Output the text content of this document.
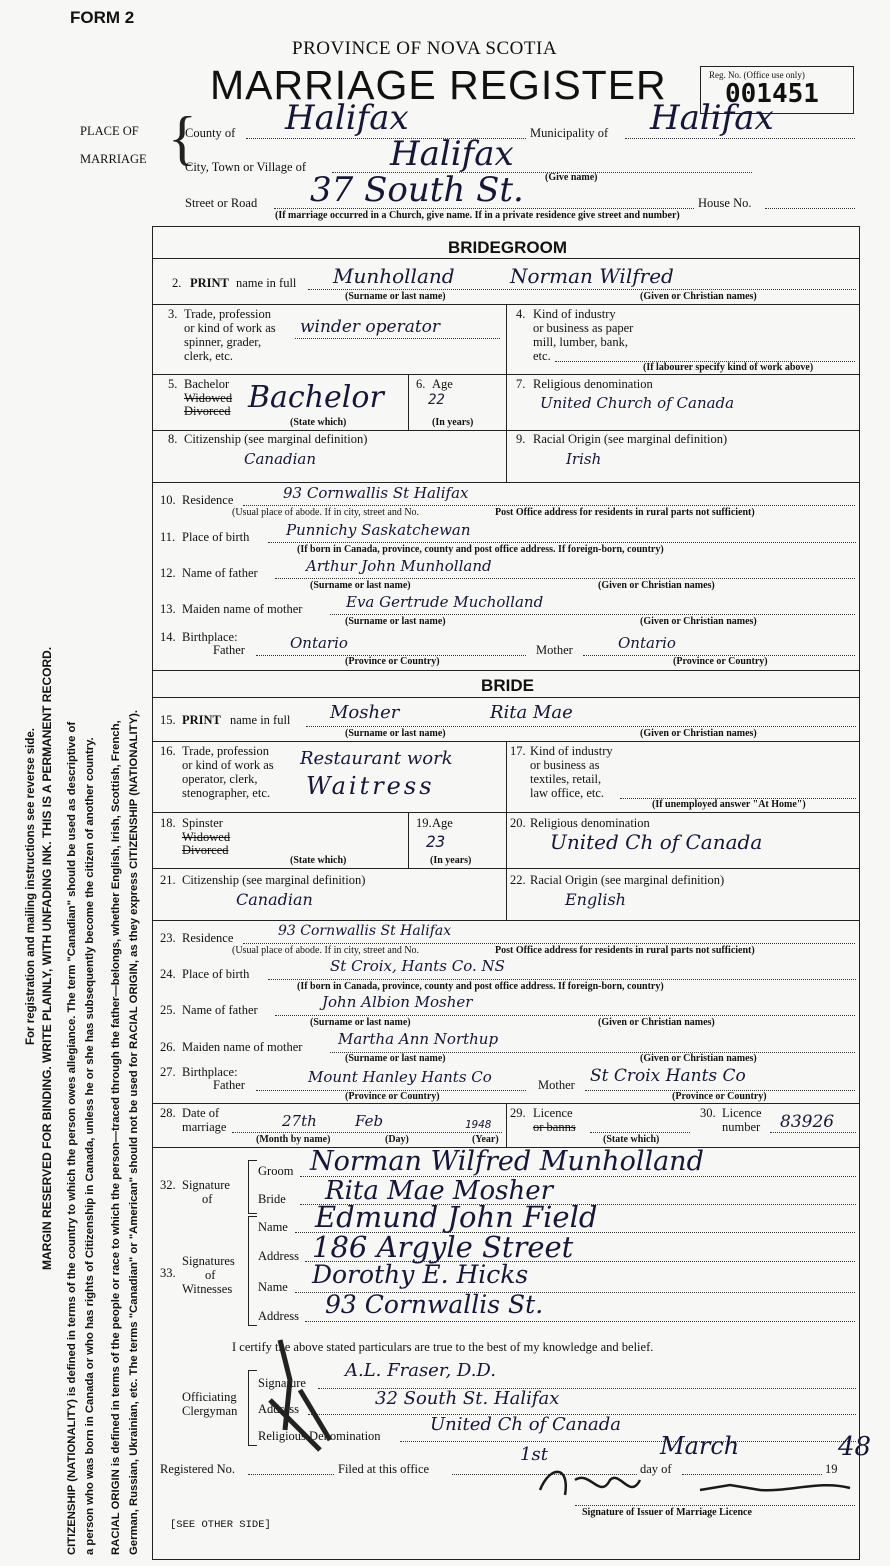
For registration and mailing instructions see reverse side. MARGIN RESERVED FOR BINDING. WRITE PLAINLY, WITH UNFADING INK. THIS IS A PERMANENT RECORD. CITIZENSHIP (NATIONALITY) is defined in terms of the country to which the person owes allegiance. The term "Canadian" should be used as descriptive of a person who was born in Canada or who has rights of Citizenship in Canada, unless he or she has subsequently become the citizen of another country. RACIAL ORIGIN is defined in terms of the people or race to which the person—traced through the father—belongs, whether English, Irish, Scottish, French, German, Russian, Ukrainian, etc. The terms "Canadian" or "American" should not be used for RACIAL ORIGIN, as they express CITIZENSHIP (NATIONALITY).
FORM 2
PROVINCE OF NOVA SCOTIA
MARRIAGE REGISTER	Reg. No. (Office use only)
001451
PLACE OF
MARRIAGE {
County of Halifax	Municipality of Halifax
City, Town or Village of Halifax
(Give name)
Street or Road 37 South St.	House No.
(If marriage occurred in a Church, give name. If in a private residence give street and number)
BRIDEGROOM
2. PRINT name in full Munholland	Norman Wilfred
(Surname or last name)	(Given or Christian names)
3. Trade, profession
or kind of work as
spinner, grader,
clerk, etc.
winder operator
4. Kind of industry
or business as paper
mill, lumber, bank,
etc.
(If labourer specify kind of work above)
5. Bachelor
Widowed
Divorced Bachelor
(State which)
6. Age
22
(In years)
7. Religious denomination
United Church of Canada
8. Citizenship (see marginal definition)
Canadian
9. Racial Origin (see marginal definition)
Irish
10. Residence	93 Cornwallis St Halifax
(Usual place of abode. If in city, street and No.	Post Office address for residents in rural parts not sufficient)
11. Place of birth Punnichy Saskatchewan
(If born in Canada, province, county and post office address. If foreign-born, country)
12. Name of father	Arthur John Munholland
(Surname or last name)	(Given or Christian names)
13. Maiden name of mother	Eva Gertrude Mucholland
(Surname or last name)	(Given or Christian names)
14. Birthplace:
Father	Ontario	Mother	Ontario
(Province or Country)	(Province or Country)
BRIDE
15. PRINT name in full Mosher	Rita Mae
(Surname or last name)	(Given or Christian names)
16. Trade, profession
or kind of work as
operator, clerk,
stenographer, etc.
Restaurant work
Waitress
17. Kind of industry
or business as
textiles, retail,
law office, etc.
(If unemployed answer "At Home")
18. Spinster
Widowed
Divorced
(State which)
19. Age
23
(In years)
20. Religious denomination
United Ch of Canada
21. Citizenship (see marginal definition)
Canadian
22. Racial Origin (see marginal definition)
English
23. Residence	93 Cornwallis St Halifax
(Usual place of abode. If in city, street and No.	Post Office address for residents in rural parts not sufficient)
24. Place of birth	St Croix, Hants Co. NS
(If born in Canada, province, county and post office address. If foreign-born, country)
25. Name of father	John Albion Mosher
(Surname or last name)	(Given or Christian names)
26. Maiden name of mother Martha Ann Northup
(Surname or last name)	(Given or Christian names)
27. Birthplace:
Father	Mount Hanley Hants Co	Mother St Croix Hants Co
(Province or Country)	(Province or Country)
28. Date of
marriage	27th	Feb	1948
(Month by name)	(Day)	(Year)
29. Licence
or banns
(State which)
30. Licence
number 83926
32. Signature
of
Groom Norman Wilfred Munholland
Bride Rita Mae Mosher
33.
Signatures
of
Witnesses
Name Edmund John Field
Address 186 Argyle Street
Name Dorothy E. Hicks
Address 93 Cornwallis St.
I certify the above stated particulars are true to the best of my knowledge and belief.
Officiating
Clergyman
Signature
A.L. Fraser, D.D.
Address	32 South St. Halifax
Religious Denomination
United Ch of Canada
Registered No.	Filed at this office
1st
day of
March
19
48
Signature of Issuer of Marriage Licence
[SEE OTHER SIDE]
